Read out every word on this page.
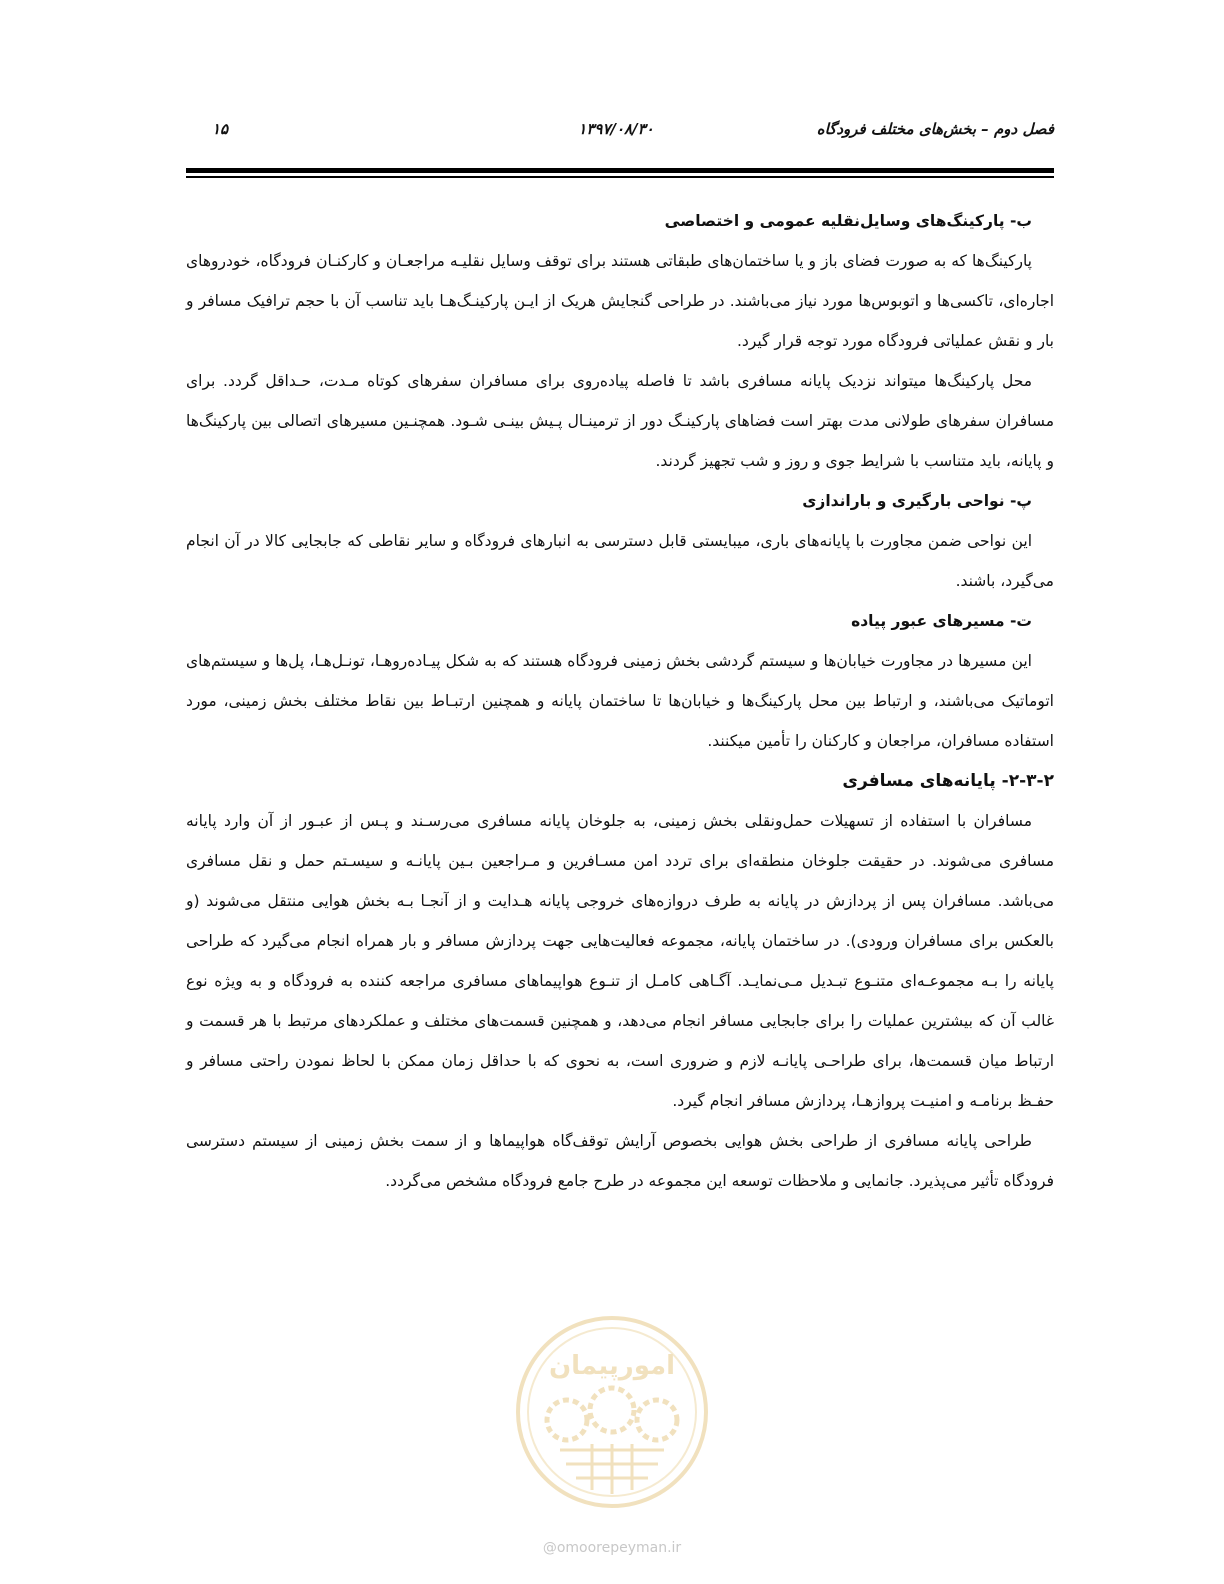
فصل دوم – بخش‌های مختلف فرودگاه
۱۳۹۷/۰۸/۳۰
۱۵

ب- پارکینگ‌های وسایل‌نقلیه عمومی و اختصاصی

پارکینگ‌ها که به صورت فضای باز و یا ساختمان‌های طبقاتی هستند برای توقف وسایل نقلیـه مراجعـان و کارکنـان فرودگاه، خودروهای اجاره‌ای، تاکسی‌ها و اتوبوس‌ها مورد نیاز می‌باشند. در طراحی گنجایش هریک از ایـن پارکینـگ‌هـا باید تناسب آن با حجم ترافیک مسافر و بار و نقش عملیاتی فرودگاه مورد توجه قرار گیرد.

محل پارکینگ‌ها میتواند نزدیک پایانه مسافری باشد تا فاصله پیاده‌روی برای مسافران سفرهای کوتاه مـدت، حـداقل گردد. برای مسافران سفرهای طولانی مدت بهتر است فضاهای پارکینـگ دور از ترمینـال پـیش بینـی شـود. همچنـین مسیرهای اتصالی بین پارکینگ‌ها و پایانه، باید متناسب با شرایط جوی و روز و شب تجهیز گردند.

پ- نواحی بارگیری و باراندازی

این نواحی ضمن مجاورت با پایانه‌های باری، میبایستی قابل دسترسی به انبارهای فرودگاه و سایر نقاطی که جابجایی کالا در آن انجام می‌گیرد، باشند.

ت- مسیرهای عبور پیاده

این مسیرها در مجاورت خیابان‌ها و سیستم گردشی بخش زمینی فرودگاه هستند که به شکل پیـاده‌روهـا، تونـل‌هـا، پل‌ها و سیستم‌های اتوماتیک می‌باشند، و ارتباط بین محل پارکینگ‌ها و خیابان‌ها تا ساختمان پایانه و همچنین ارتبـاط بین نقاط مختلف بخش زمینی، مورد استفاده مسافران، مراجعان و کارکنان را تأمین میکنند.

۲-۳-۲- پایانه‌های مسافری

مسافران با استفاده از تسهیلات حمل‌ونقلی بخش زمینی، به جلوخان پایانه مسافری می‌رسـند و پـس از عبـور از آن وارد پایانه مسافری می‌شوند. در حقیقت جلوخان منطقه‌ای برای تردد امن مسـافرین و مـراجعین بـین پایانـه و سیسـتم حمل و نقل مسافری می‌باشد. مسافران پس از پردازش در پایانه به طرف دروازه‌های خروجی پایانه هـدایت و از آنجـا بـه بخش هوایی منتقل می‌شوند (و بالعکس برای مسافران ورودی). در ساختمان پایانه، مجموعه فعالیت‌هایی جهت پردازش مسافر و بار همراه انجام می‌گیرد که طراحی پایانه را بـه مجموعـه‌ای متنـوع تبـدیل مـی‌نمایـد. آگـاهی کامـل از تنـوع هواپیماهای مسافری مراجعه کننده به فرودگاه و به ویژه نوع غالب آن که بیشترین عملیات را برای جابجایی مسافر انجام می‌دهد، و همچنین قسمت‌های مختلف و عملکردهای مرتبط با هر قسمت و ارتباط میان قسمت‌ها، برای طراحـی پایانـه لازم و ضروری است، به نحوی که با حداقل زمان ممکن با لحاظ نمودن راحتی مسافر و حفـظ برنامـه و امنیـت پروازهـا، پردازش مسافر انجام گیرد.

طراحی پایانه مسافری از طراحی بخش هوایی بخصوص آرایش توقف‌گاه هواپیماها و از سمت بخش زمینی از سیستم دسترسی فرودگاه تأثیر می‌پذیرد. جانمایی و ملاحظات توسعه این مجموعه در طرح جامع فرودگاه مشخص می‌گردد.

امورپیمان
@omoorepeyman.ir
